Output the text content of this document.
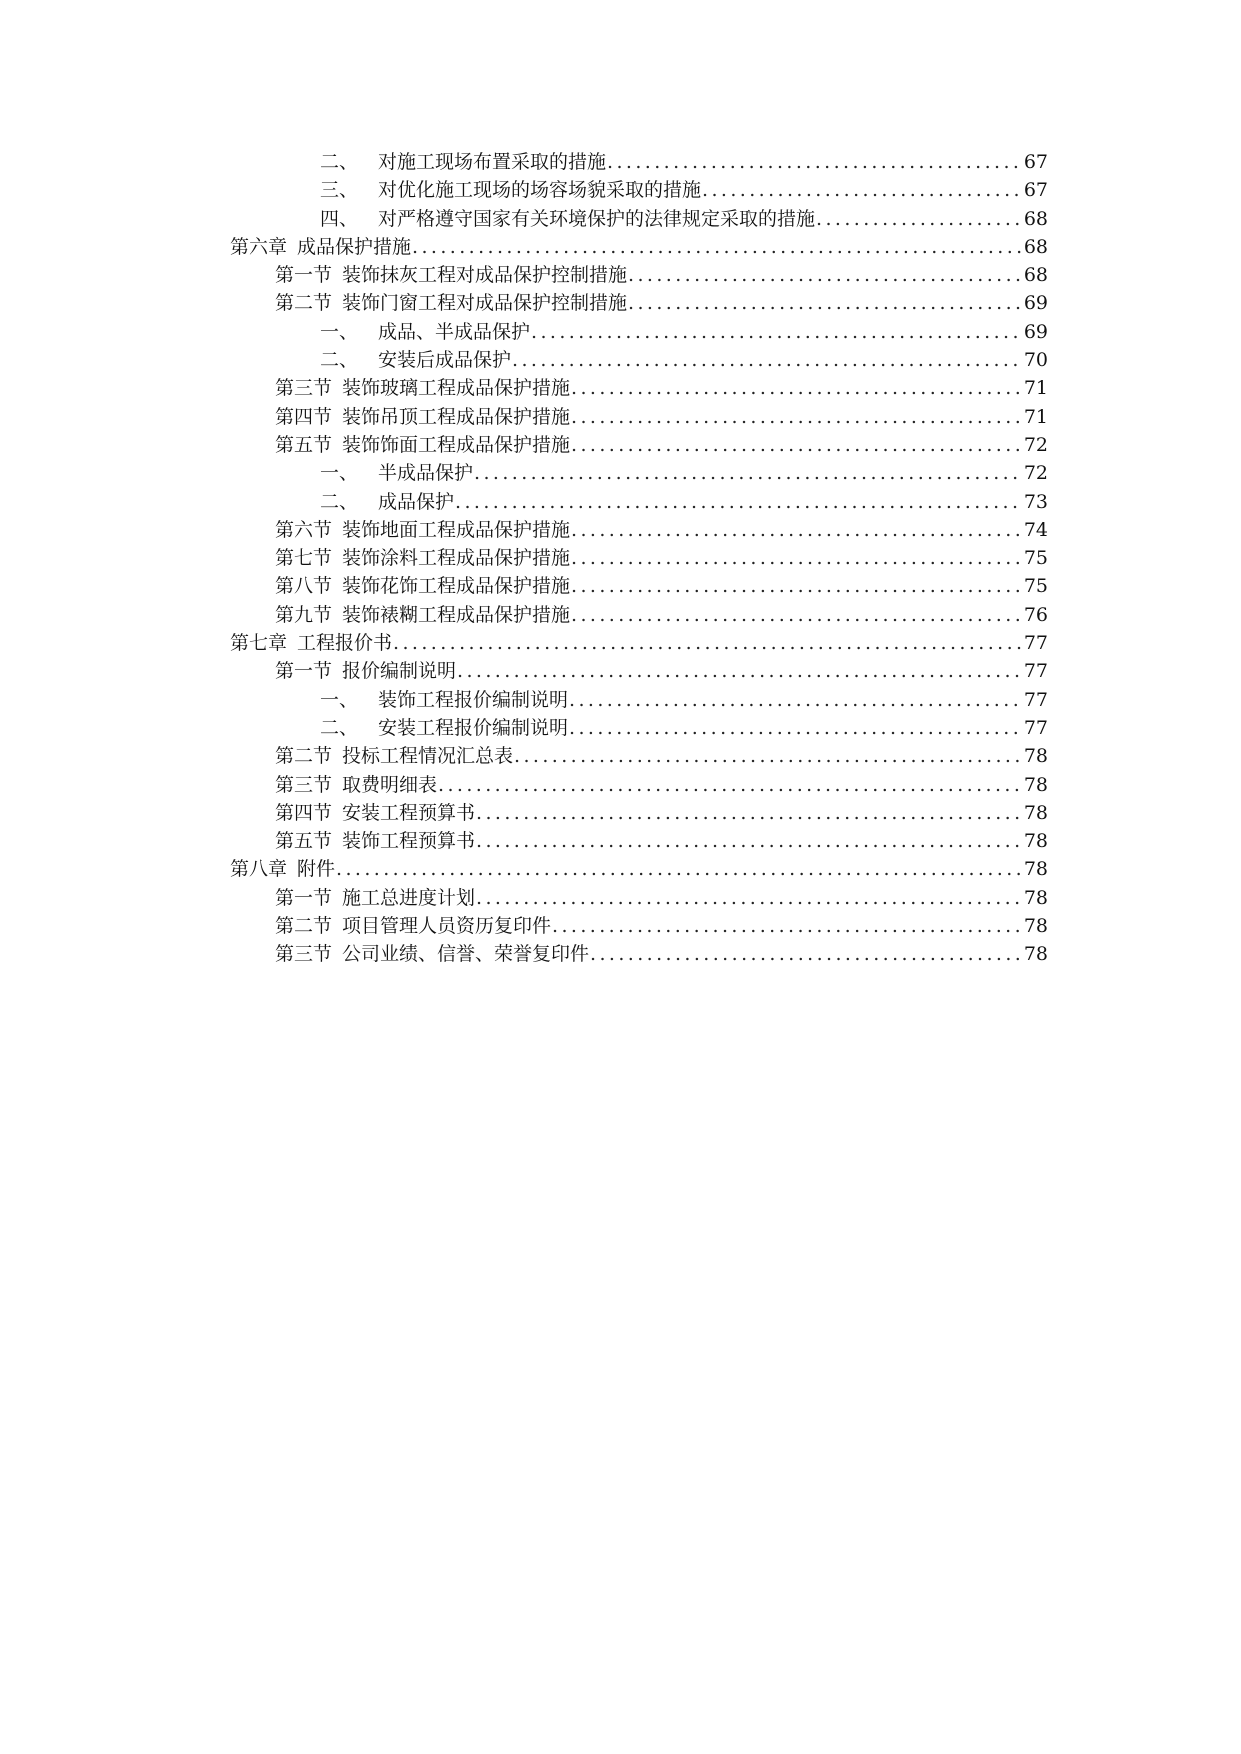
二、	对施工现场布置采取的措施 .....	67
三、	对优化施工现场的场容场貌采取的措施 .....	67
四、	对严格遵守国家有关环境保护的法律规定采取的措施 .....	68
第六章 成品保护措施 .....	68
第一节 装饰抹灰工程对成品保护控制措施 .....	68
第二节 装饰门窗工程对成品保护控制措施 .....	69
一、	成品、半成品保护 .....	69
二、	安装后成品保护 .....	70
第三节 装饰玻璃工程成品保护措施 .....	71
第四节 装饰吊顶工程成品保护措施 .....	71
第五节 装饰饰面工程成品保护措施 .....	72
一、	半成品保护 .....	72
二、	成品保护 .....	73
第六节 装饰地面工程成品保护措施 .....	74
第七节 装饰涂料工程成品保护措施 .....	75
第八节 装饰花饰工程成品保护措施 .....	75
第九节 装饰裱糊工程成品保护措施 .....	76
第七章 工程报价书 .....	77
第一节 报价编制说明 .....	77
一、	装饰工程报价编制说明 .....	77
二、	安装工程报价编制说明 .....	77
第二节 投标工程情况汇总表 .....	78
第三节 取费明细表 .....	78
第四节 安装工程预算书 .....	78
第五节 装饰工程预算书 .....	78
第八章 附件 .....	78
第一节 施工总进度计划 .....	78
第二节 项目管理人员资历复印件 .....	78
第三节 公司业绩、信誉、荣誉复印件 .....	78
